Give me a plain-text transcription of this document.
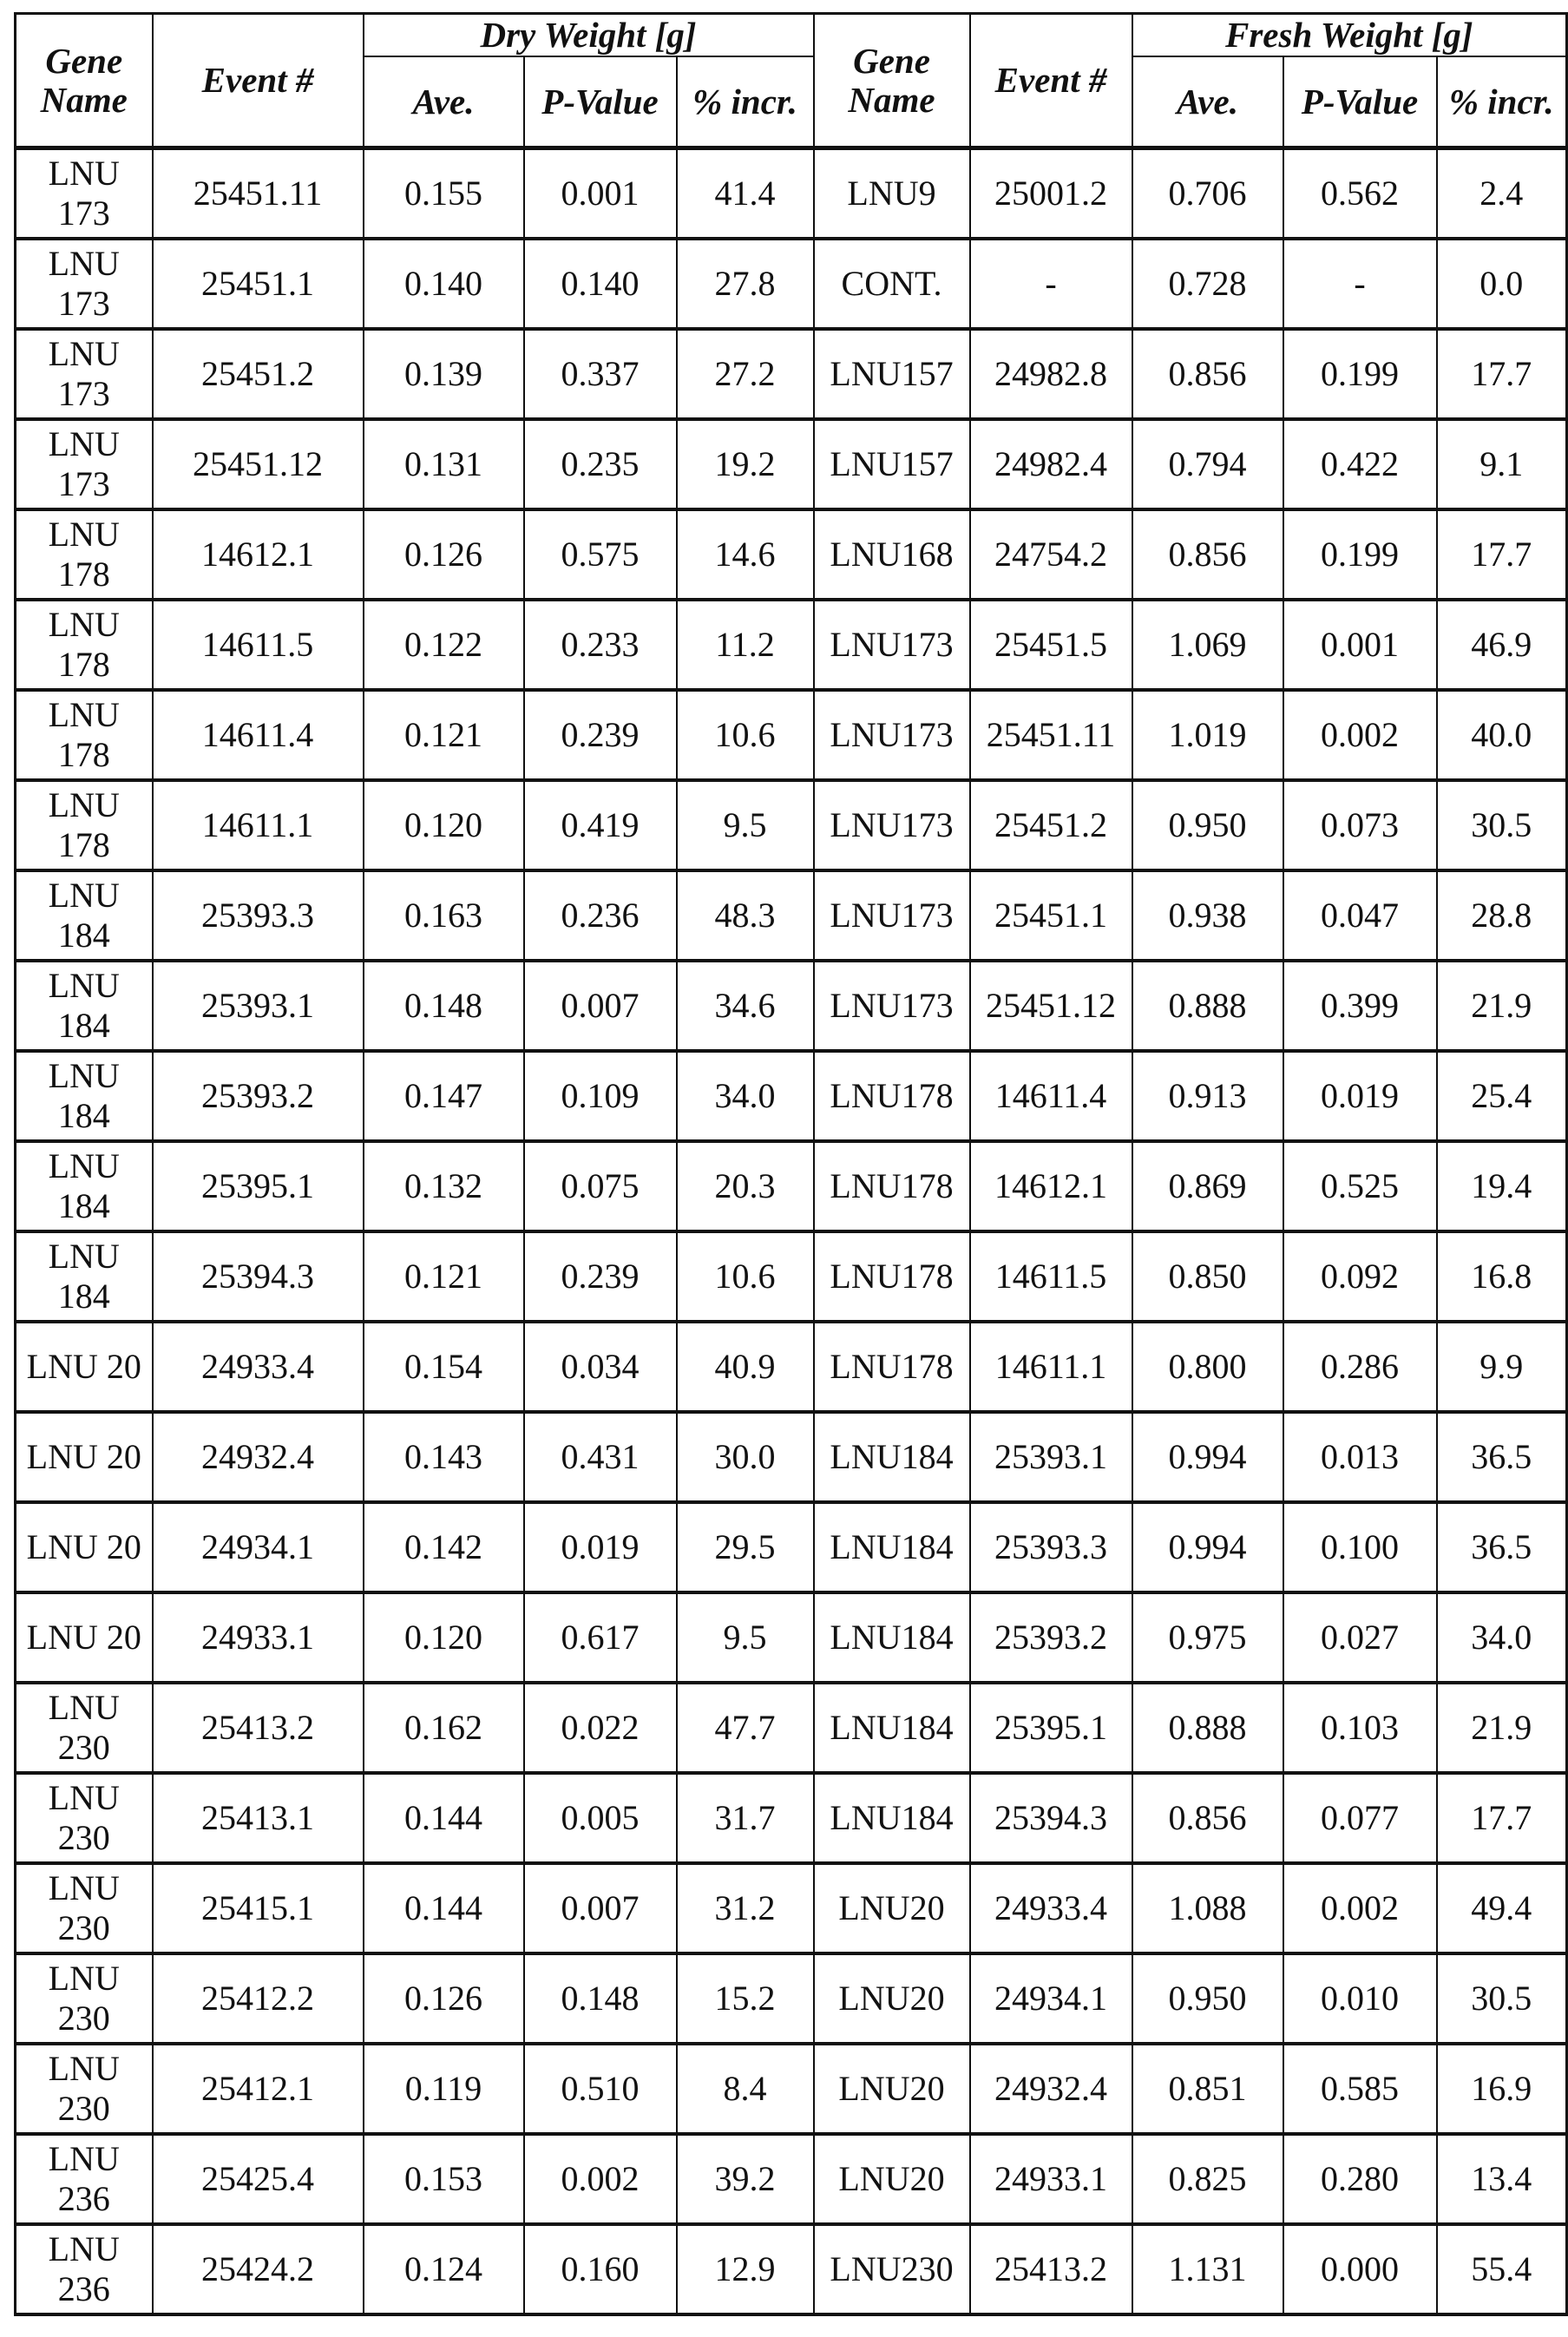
Gene Name	Event #	Dry Weight [g]			Gene Name	Event #	Fresh Weight [g]		
		Ave.	P-Value	% incr.			Ave.	P-Value	% incr.
LNU 173	25451.11	0.155	0.001	41.4	LNU9	25001.2	0.706	0.562	2.4
LNU 173	25451.1	0.140	0.140	27.8	CONT.	-	0.728	-	0.0
LNU 173	25451.2	0.139	0.337	27.2	LNU157	24982.8	0.856	0.199	17.7
LNU 173	25451.12	0.131	0.235	19.2	LNU157	24982.4	0.794	0.422	9.1
LNU 178	14612.1	0.126	0.575	14.6	LNU168	24754.2	0.856	0.199	17.7
LNU 178	14611.5	0.122	0.233	11.2	LNU173	25451.5	1.069	0.001	46.9
LNU 178	14611.4	0.121	0.239	10.6	LNU173	25451.11	1.019	0.002	40.0
LNU 178	14611.1	0.120	0.419	9.5	LNU173	25451.2	0.950	0.073	30.5
LNU 184	25393.3	0.163	0.236	48.3	LNU173	25451.1	0.938	0.047	28.8
LNU 184	25393.1	0.148	0.007	34.6	LNU173	25451.12	0.888	0.399	21.9
LNU 184	25393.2	0.147	0.109	34.0	LNU178	14611.4	0.913	0.019	25.4
LNU 184	25395.1	0.132	0.075	20.3	LNU178	14612.1	0.869	0.525	19.4
LNU 184	25394.3	0.121	0.239	10.6	LNU178	14611.5	0.850	0.092	16.8
LNU 20	24933.4	0.154	0.034	40.9	LNU178	14611.1	0.800	0.286	9.9
LNU 20	24932.4	0.143	0.431	30.0	LNU184	25393.1	0.994	0.013	36.5
LNU 20	24934.1	0.142	0.019	29.5	LNU184	25393.3	0.994	0.100	36.5
LNU 20	24933.1	0.120	0.617	9.5	LNU184	25393.2	0.975	0.027	34.0
LNU 230	25413.2	0.162	0.022	47.7	LNU184	25395.1	0.888	0.103	21.9
LNU 230	25413.1	0.144	0.005	31.7	LNU184	25394.3	0.856	0.077	17.7
LNU 230	25415.1	0.144	0.007	31.2	LNU20	24933.4	1.088	0.002	49.4
LNU 230	25412.2	0.126	0.148	15.2	LNU20	24934.1	0.950	0.010	30.5
LNU 230	25412.1	0.119	0.510	8.4	LNU20	24932.4	0.851	0.585	16.9
LNU 236	25425.4	0.153	0.002	39.2	LNU20	24933.1	0.825	0.280	13.4
LNU 236	25424.2	0.124	0.160	12.9	LNU230	25413.2	1.131	0.000	55.4
